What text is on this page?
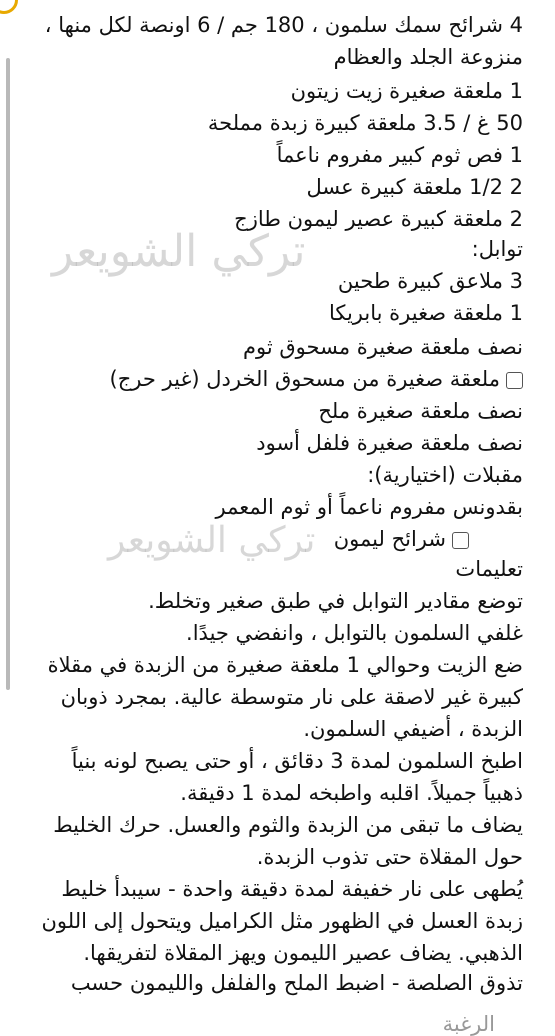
4 شرائح سمك سلمون ، 180 جم / 6 اونصة لكل منها ،
منزوعة الجلد والعظام
1 ملعقة صغيرة زيت زيتون
50 غ / 3.5 ملعقة كبيرة زبدة مملحة
1 فص ثوم كبير مفروم ناعماً
2 1/2 ملعقة كبيرة عسل
2 ملعقة كبيرة عصير ليمون طازج
توابل:
3 ملاعق كبيرة طحين
1 ملعقة صغيرة بابريكا
نصف ملعقة صغيرة مسحوق ثوم
ملعقة صغيرة من مسحوق الخردل (غير حرج)
نصف ملعقة صغيرة ملح
نصف ملعقة صغيرة فلفل أسود
مقبلات (اختيارية):
بقدونس مفروم ناعماً أو ثوم المعمر
شرائح ليمون
تعليمات
توضع مقادير التوابل في طبق صغير وتخلط.
غلفي السلمون بالتوابل ، وانفضي جيدًا.
ضع الزيت وحوالي 1 ملعقة صغيرة من الزبدة في مقلاة
كبيرة غير لاصقة على نار متوسطة عالية. بمجرد ذوبان
الزبدة ، أضيفي السلمون.
اطبخ السلمون لمدة 3 دقائق ، أو حتى يصبح لونه بنياً
ذهبياً جميلاً. اقلبه واطبخه لمدة 1 دقيقة.
يضاف ما تبقى من الزبدة والثوم والعسل. حرك الخليط
حول المقلاة حتى تذوب الزبدة.
يُطهى على نار خفيفة لمدة دقيقة واحدة - سيبدأ خليط
زبدة العسل في الظهور مثل الكراميل ويتحول إلى اللون
الذهبي. يضاف عصير الليمون ويهز المقلاة لتفريقها.
تذوق الصلصة - اضبط الملح والفلفل والليمون حسب
الرغبة
تركي الشويعر
تركي الشويعر
